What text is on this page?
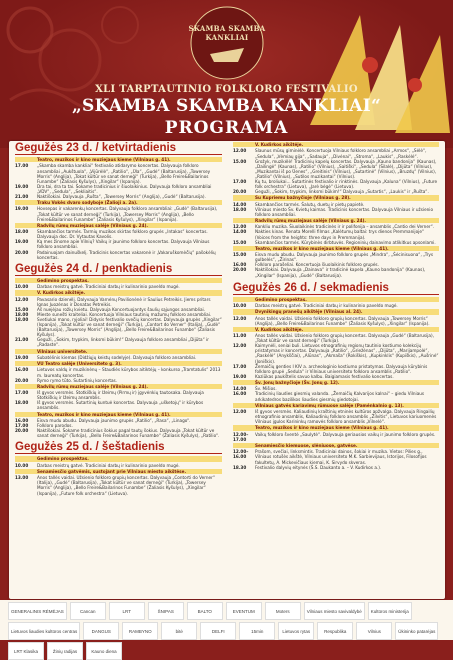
SKAMBA SKAMBA KANKLIAI
XLI TARPTAUTINIO FOLKLORO FESTIVALIO
„SKAMBA SKAMBA KANKLIAI“
PROGRAMA
Gegužės 23 d. / ketvirtadienis
Teatro, muzikos ir kino muziejaus kieme (Vilniaus g. 41).
17.00	„Skamba skamba kankliai“ festivalio atidarymo koncertas. Dalyvauja folkloro ansambliai „Aukštuola“, „Vijūrėlė“, „Ratilio“, „Ūla“, „Gudė“ (Baltarusija), „Towersey Morris“ (Anglija), „Tokat kültür ve sanat derneği“ (Turkija), „Bello Freire&Bailarinos Funambe“ (Žaliasis Kyšulys), „Xingilar“ (Ispanija).
19.00	Dra tai, dra ta tai. Šokame tradicinius ir šiuolaikinius. Dalyvauja folkloro ansambliai „VDV“, „Sedula“, „Sekliaitis“.
21.00	Naktišokiai. Dalyvauja „Rušta“, „Towersey Morris“ (Anglija), „Gudė“ (Baltarusija).
Traku Vokės dvaro sodyboje (Žalioji a. 2a).
19.00	Hovsepas ir vakarenkų koncertas. Dalyvauja folkloro ansambliai: „Gudė“ (Baltarusija), „Tokat kültür ve sanat derneği“ (Turkija), „Towersey Morris“ (Anglija), „Bello Freire&Bailarinos Funambe“ (Žaliasis Kyšulys), „Xingilar“ (Ispanija).
Radvilų rūmų muziejaus salėje (Vilniaus g. 24).
18.00	Skambančios tarmės. Tarmių muzikos skirtas folkloro grupės „Intakas“ koncertas. Dalyvauja doc. Dr. Vytautas Kavolis.
19.00	Ką mes žinome apie Vilnių? Vaikų ir jaunimo folkloro koncertas. Dalyvauja Vilniaus folkloro ansambliai.
20.00	Padainuojam dainuškelį. Tradicinis koncertas vakaronė ir „Vakaruškomėčių“ pašokėlių koncertas.
Gegužės 24 d. / penktadienis
Gedimino prospektas.
10.00	Darbas meistrų gatvė. Tradiciniai darbų ir kulinarinio paveldo mugė.
V. Kudirkos aikštėje.
12.00	Pavasario dzienėlį. Dalyvauja Varnėnų Pavilionėnė ir Saulius Petreikis. Jiems pritars Ignas Juozėnas ir Donatas Petreikis.
15.00	Aš nuejėjau rožių kvietu. Dalyvauja Koncertuojantys šaulių sąjungos ansambliai.
18.00	Mieste sunešti kraiteliai. Koncertuoja Vilniaus tautinių mažumų folkloro ansambliai.
18.00	Svetiukai mano, ryjoliai! Didysis festivalio svečių koncertas. Dalyvauja grupės „Xingilar“ (Ispanija), „Tokat kültür ve sanat derneği“ (Turkija), „Contort do Verner“ (Italija), „Gudė“ (Baltarusija), „Towersey Morris“ (Anglija), „Bello Freire&Bailarinos Funambe“ (Žaliasis Kyšulys).
21.00	Geguži, „Šokim, trypkim, linksmi būkim!“ Dalyvauja folkloro ansambliai „Dijūta“ ir „Radaste“.
Vilniaus universitete.
19.00	Subatėlinis kiemas (Didžiųjų keistų sodelyje). Dalyvauja folkloro ansambliai.
VU Teatro salėje (Universiteto g. 3).
16.00	Lietuvos valdų ir muzikinėnų – Staudiės kūrybos aitiktėjų – konkurso „Tramtatulis“ 2013 m. laureatų koncertas.
20.00	Rymo rymo tūto. Sutartinių koncertas.
Radvilų rūmų muziejaus salėje (Vilniaus g. 24).
17.00	Iš gyvos versmės. Stotkiškių ir Ižeimų (Pirmų ir) įgyvėnkių tautosaka. Dalyvauja Stotkiškių ir Ižeimų ansamblis.
18.00	Iš gyvos versmės. Sutartinių kuntuė koncertas. Dalyvauja „ušketojų“ ir kūrybos ansamblis.
Teatro, muzikos ir kino muziejaus kieme (Vilniaus g. 41).
16.00	Eisva mudu abudu. Dalyvauja jaunimo grupės „Ratilio“, „Rasa“, „Linago“.
17.00	Folkloro parodos.
20.00	Naktišokiai. Šokame tradicinius šokius pagal tautų šokius. Dalyvauja „Tokat kültür ve sanat derneği“ (Turkija), „Bello Freire&Bailarinos Funambe“ (Žaliasis Kyšulys), „Ratilio“.
Gegužės 25 d. / šeštadienis
Gedimino prospektas.
10.00	Darbas meistrų gatvė. Tradiciniai darbų ir kulinarinio paveldo mugė.
Senamiesčio gatvėmis, sustojant prie Vilniaus miesto aikštėse.
13.00	Anos tallės vaidai. Užsienio folkloro grupių koncertas. Dalyvauja „Contorti do Verner“ (Italija), „Gudė“ (Baltarusija), „Tokat kültür ve sanat derneği“ (Turkija), „Towersey Morris“ (Anglija), „Bello Freire&Bailarinos Funambe“ (Žaliasis Kyšulys), „Xingilar“ (Ispanija), „Future folk orchestra“ (Lietuva).
V. Kudirkos aikštėje.
12.00	Slaunus mūsų giminėlė. Koncertuoja Vilniaus folkloro ansambliai „Armos“, „Sėlė“, „Sedula“, „Vėmiaų gija“, „Sadauja“, „Divėnai“, „Stroma“, „Laukis“, „Raskėlė“.
15.00	Grožyk, muzikėlė! Tradicinių kapelų koncertas. Dalyvauja „Kauno bandonija“ (Kaunas), „Dailingė“ (Kaunas), „Ratilio“ (Vilnius), „Saitiški“, „Sedula“ (Šilalė), „Dijūta“ (Vilnius), „Muzikantai iš po Ūenes“, „Greitinis“ (Vilnius), „Sutartinė“ (Vilnius), „Bruzdų“ (Vilnius), „Ratilio“ (Vilnius), „Sutilos muzikantai“ (Vilnius).
17.00	Kų tu, broliukai... Sutartinės festivalio ir rinktinės. Dalyvauja „Kaluna“ (Vilnius), „Future folk orchestra“ (Lietuva), „Jarė bėgė“ (Lietuva).
20.00	Geguži, „Šokim, trypkim, linksmi būkim!“ Dalyvauja „Sutartis“, „Laukis“ ir „Rušta“.
Su Kupriemu bažnyčioje (Vilniaus g. 28).
14.00	Skambančios tarmės. Šalutų, duetų ir pietų papietė.
18.00	Vilniaus miesto Šv. Kvietų kaimas. Tradicinis koncertas. Dalyvauja Vilniaus ir užsienio folkloro ansambliai.
Radvilų rūmų muziejaus salėje (Vilniaus g. 24).
12.00	Kankliu muzika. Šiuolaikinės tradicinės ir ir polifonija – ansamblis „Cantio dei Verner“.
14.00	Nakties kinas. Renata Morelli filmas „Kalėtumų baltai: trys dienos Premmanijoje“ (Voices from the heights: three days in Premmanija).
15.00	Skambančios tarmės. Kūrybinės dirbtuvės. Regioninių dainavimo atlikitkus apsonlami.
Teatro, muzikos ir kino muziejaus kieme (Vilniaus g. 41).
15.00	Eisva mudu abudu. Dalyvauja jaunimo folkloro grupės „Mindra“, „Šėcinisuona“, „Trys gulbelės“, „Žirinas“.
16.00	Folkloro parašeliai. Koncertuoja šiuolaikinis folkloro grupės.
20.00	Naktišokiai. Dalyvauja „Dainava“ ir tradicinė kapela „Kauno bandonija“ (Kaunas), „Xingilar“ (Ispanija), „Gudė“ (Baltarusija).
Gegužės 26 d. / sekmadienis
Gedimino prospektas.
10.00	Darbas meistrų gatvė. Tradiciniai darbų ir kulinarinio paveldo mugė.
Dvynikingų pranešų aikštėje (Vilniaus al. 24).
12.00	Anos tallės vaidai. Užsienio folkloro grupių koncertas. Dalyvauja „Towersey Morris“ (Anglija), „Bello Freire&Bailarinos Funambe“ (Žaliasis Kyšulys), „Xingilar“ (Ispanija).
V. Kudirkos aikštėje.
11.00	Anos tallės vaidai. Užsienio folkloro grupių koncertas. Dalyvauja „Gudė“ (Baltarusija), „Tokat kültür ve sanat derneği“ (Turkija).
12.00	Kaimynėli, seniai buli. Lietuvos etnografinių regionų tautinio kostiumo kolekcijų pristatymas ir koncertas. Dalyvauja „Ratilio“, „Griežėnas“, „Dijūta“, „Marijampolė“, „Raskėlė“ (Anykščiai), „Alūnas“, „Akmaša“ (Rokiškis), „Kupkinklis“ (Kupiškis), „Aušrinė“ (Joniškis).
17.00	Žemaičių genties I KIV a. archeologinio kostiumo pristatymas. Dalyvauja kūrybinis folkloro grupė „Sedula“ ir Vilniaus universiteto folkloro ansamblis „Ratilio“.
19.00	Kaziūkas paukštelis savuo kalbu. Baigiamasis festivalio koncertas.
Šv. Jonų bažnyčioje (Šv. Jonų g. 12).
14.00	Šv. Mišios.
16.00	Tradicinių liaudies giesmių valanda. „Žemaičių Kalvarijos kalnai“ – giedu Vilniaus arkikatedros bazilikos liaudies giesmių giedotojai.
Vilniaus gatvės kariavimų rūmuose salėje (Pamėnkalnio g. 13).
12.00	Iš gyvos versmės. Kaliaudinių kraštinių etninės kultūros apžvalga. Dalyvauja Ringailių etnografinio ansamblis, Kaliaudinių folkloro ansamblis „Žilvitis“, Lietuvos kariuomenės Vilniaus įgulos Karininkų ramovės folkloro ansamblis „Vilnelė“.
Teatro, muzikos ir kino muziejaus kieme (Vilniaus g. 41).
12.00–17.00
Vaikų folkloro šventė „Saulytė“. Dalyvauja geriausios vaikų ir jaunimo folkloro grupės.
Senamiesčio kiemuose, slėniuose, gatvėse.
12.00–16.00
Prašom, svečiai, linksmintis. Tradiciniai dainos, šokiai ir muzika. Vietos: Pilies g., Vilniaus rotušės aikštė, Vilniaus universiteto M.K. Sarbievijaus, Istorijos, Filosofijos fakultetų, A. Mickevičiaus kiemai, K. Sirvydo skveras.
18.30	Festivalio dalyvių eitynės (Š.S. Daukanto a. – V. Kudirkos a.).
GENERALINIS RĖMĖJAS	Cancan	LRT	ŠNIPAS	BALTO	EVENTUM	Moters	Vilniaus miesto savivaldybė	Kultūros ministerija
Lietuvos liaudies kultūros centras	DANGUS	RAMBYNO	bitė	DELFI	15min	Lietuvos rytas	Respublika	Vilnius	Ūkininko patarėjas
LRT Klasika	Žinių radijas	Kauno diena
